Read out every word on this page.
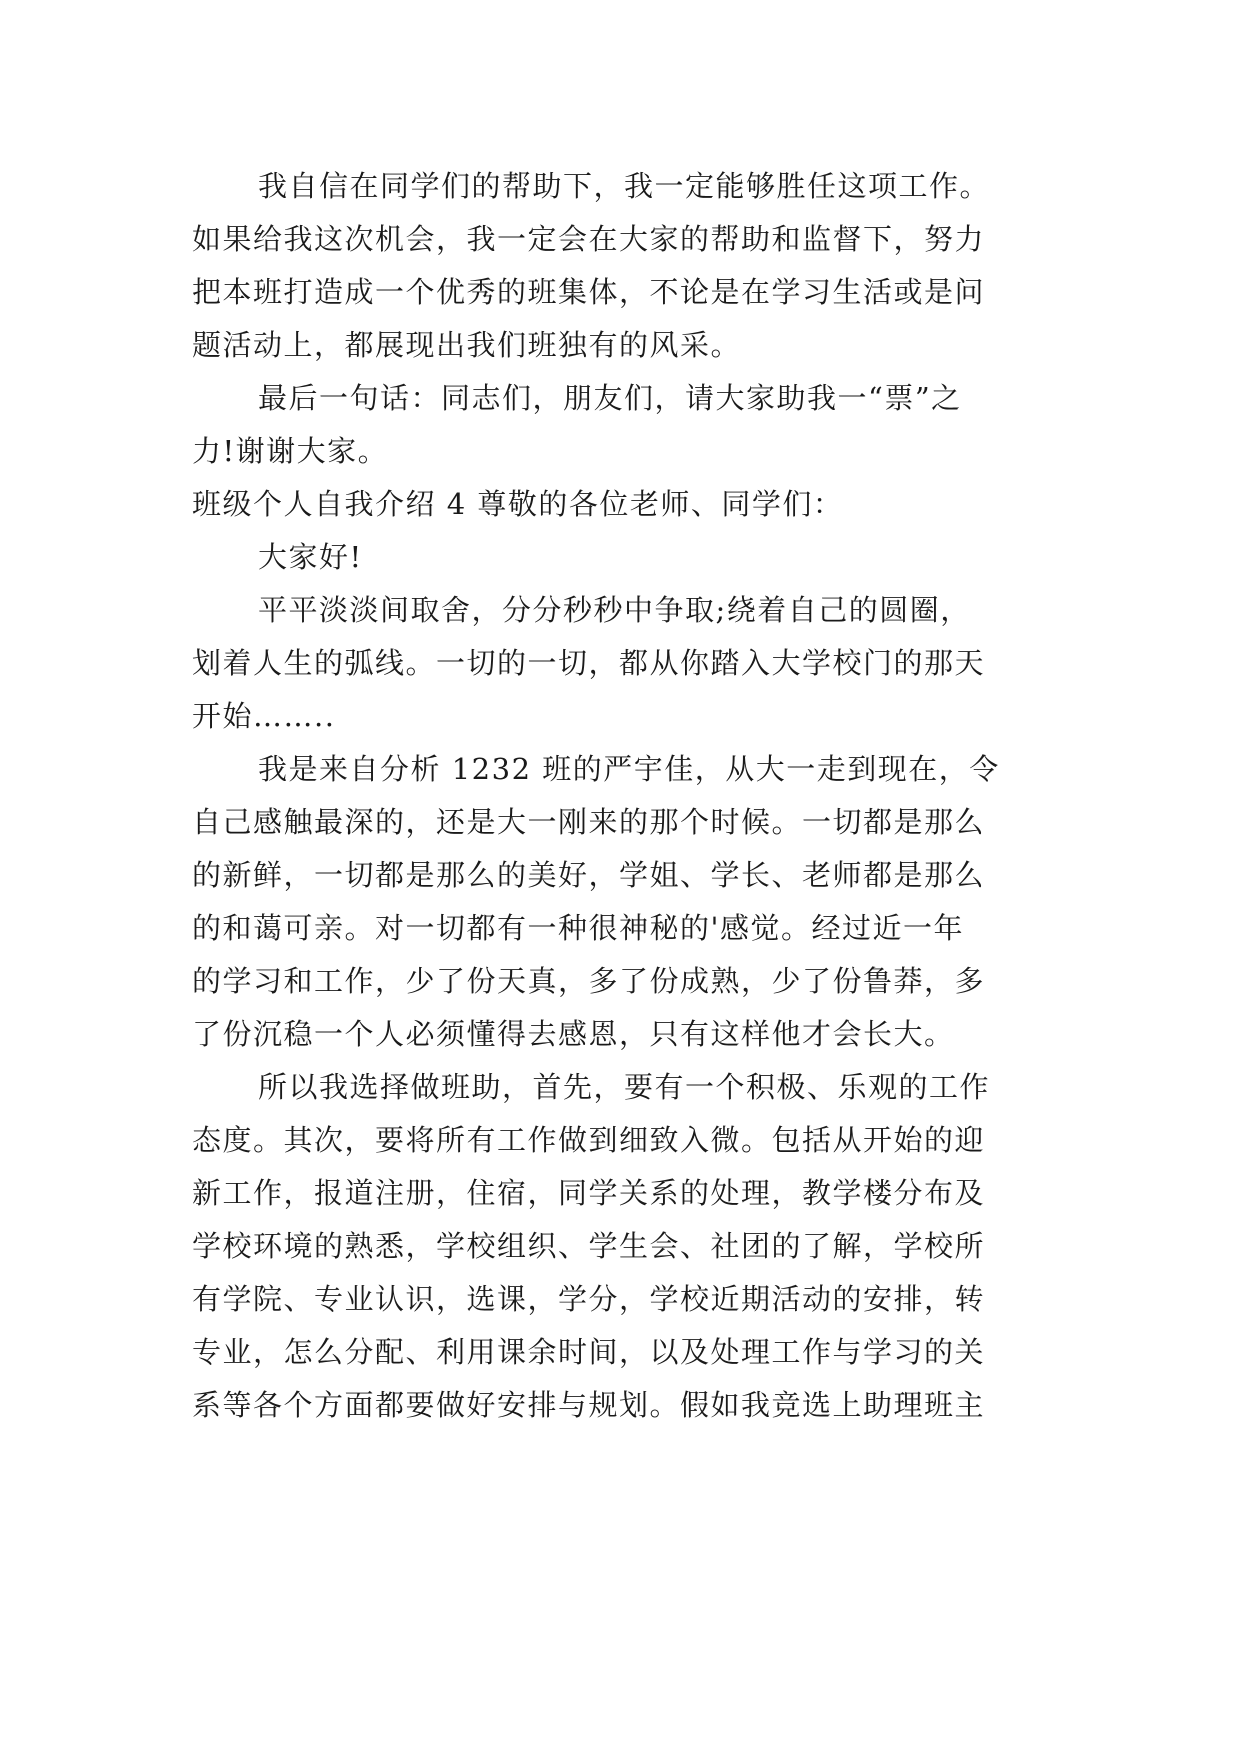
我自信在同学们的帮助下，我一定能够胜任这项工作。
如果给我这次机会，我一定会在大家的帮助和监督下，努力
把本班打造成一个优秀的班集体，不论是在学习生活或是问
题活动上，都展现出我们班独有的风采。
最后一句话：同志们，朋友们，请大家助我一“票”之
力!谢谢大家。
班级个人自我介绍 4 尊敬的各位老师、同学们：
大家好!
平平淡淡间取舍，分分秒秒中争取;绕着自己的圆圈，
划着人生的弧线。一切的一切，都从你踏入大学校门的那天
开始……..
我是来自分析 1232 班的严宇佳，从大一走到现在，令
自己感触最深的，还是大一刚来的那个时候。一切都是那么
的新鲜，一切都是那么的美好，学姐、学长、老师都是那么
的和蔼可亲。对一切都有一种很神秘的'感觉。经过近一年
的学习和工作，少了份天真，多了份成熟，少了份鲁莽，多
了份沉稳一个人必须懂得去感恩，只有这样他才会长大。
所以我选择做班助，首先，要有一个积极、乐观的工作
态度。其次，要将所有工作做到细致入微。包括从开始的迎
新工作，报道注册，住宿，同学关系的处理，教学楼分布及
学校环境的熟悉，学校组织、学生会、社团的了解，学校所
有学院、专业认识，选课，学分，学校近期活动的安排，转
专业，怎么分配、利用课余时间，以及处理工作与学习的关
系等各个方面都要做好安排与规划。假如我竞选上助理班主
